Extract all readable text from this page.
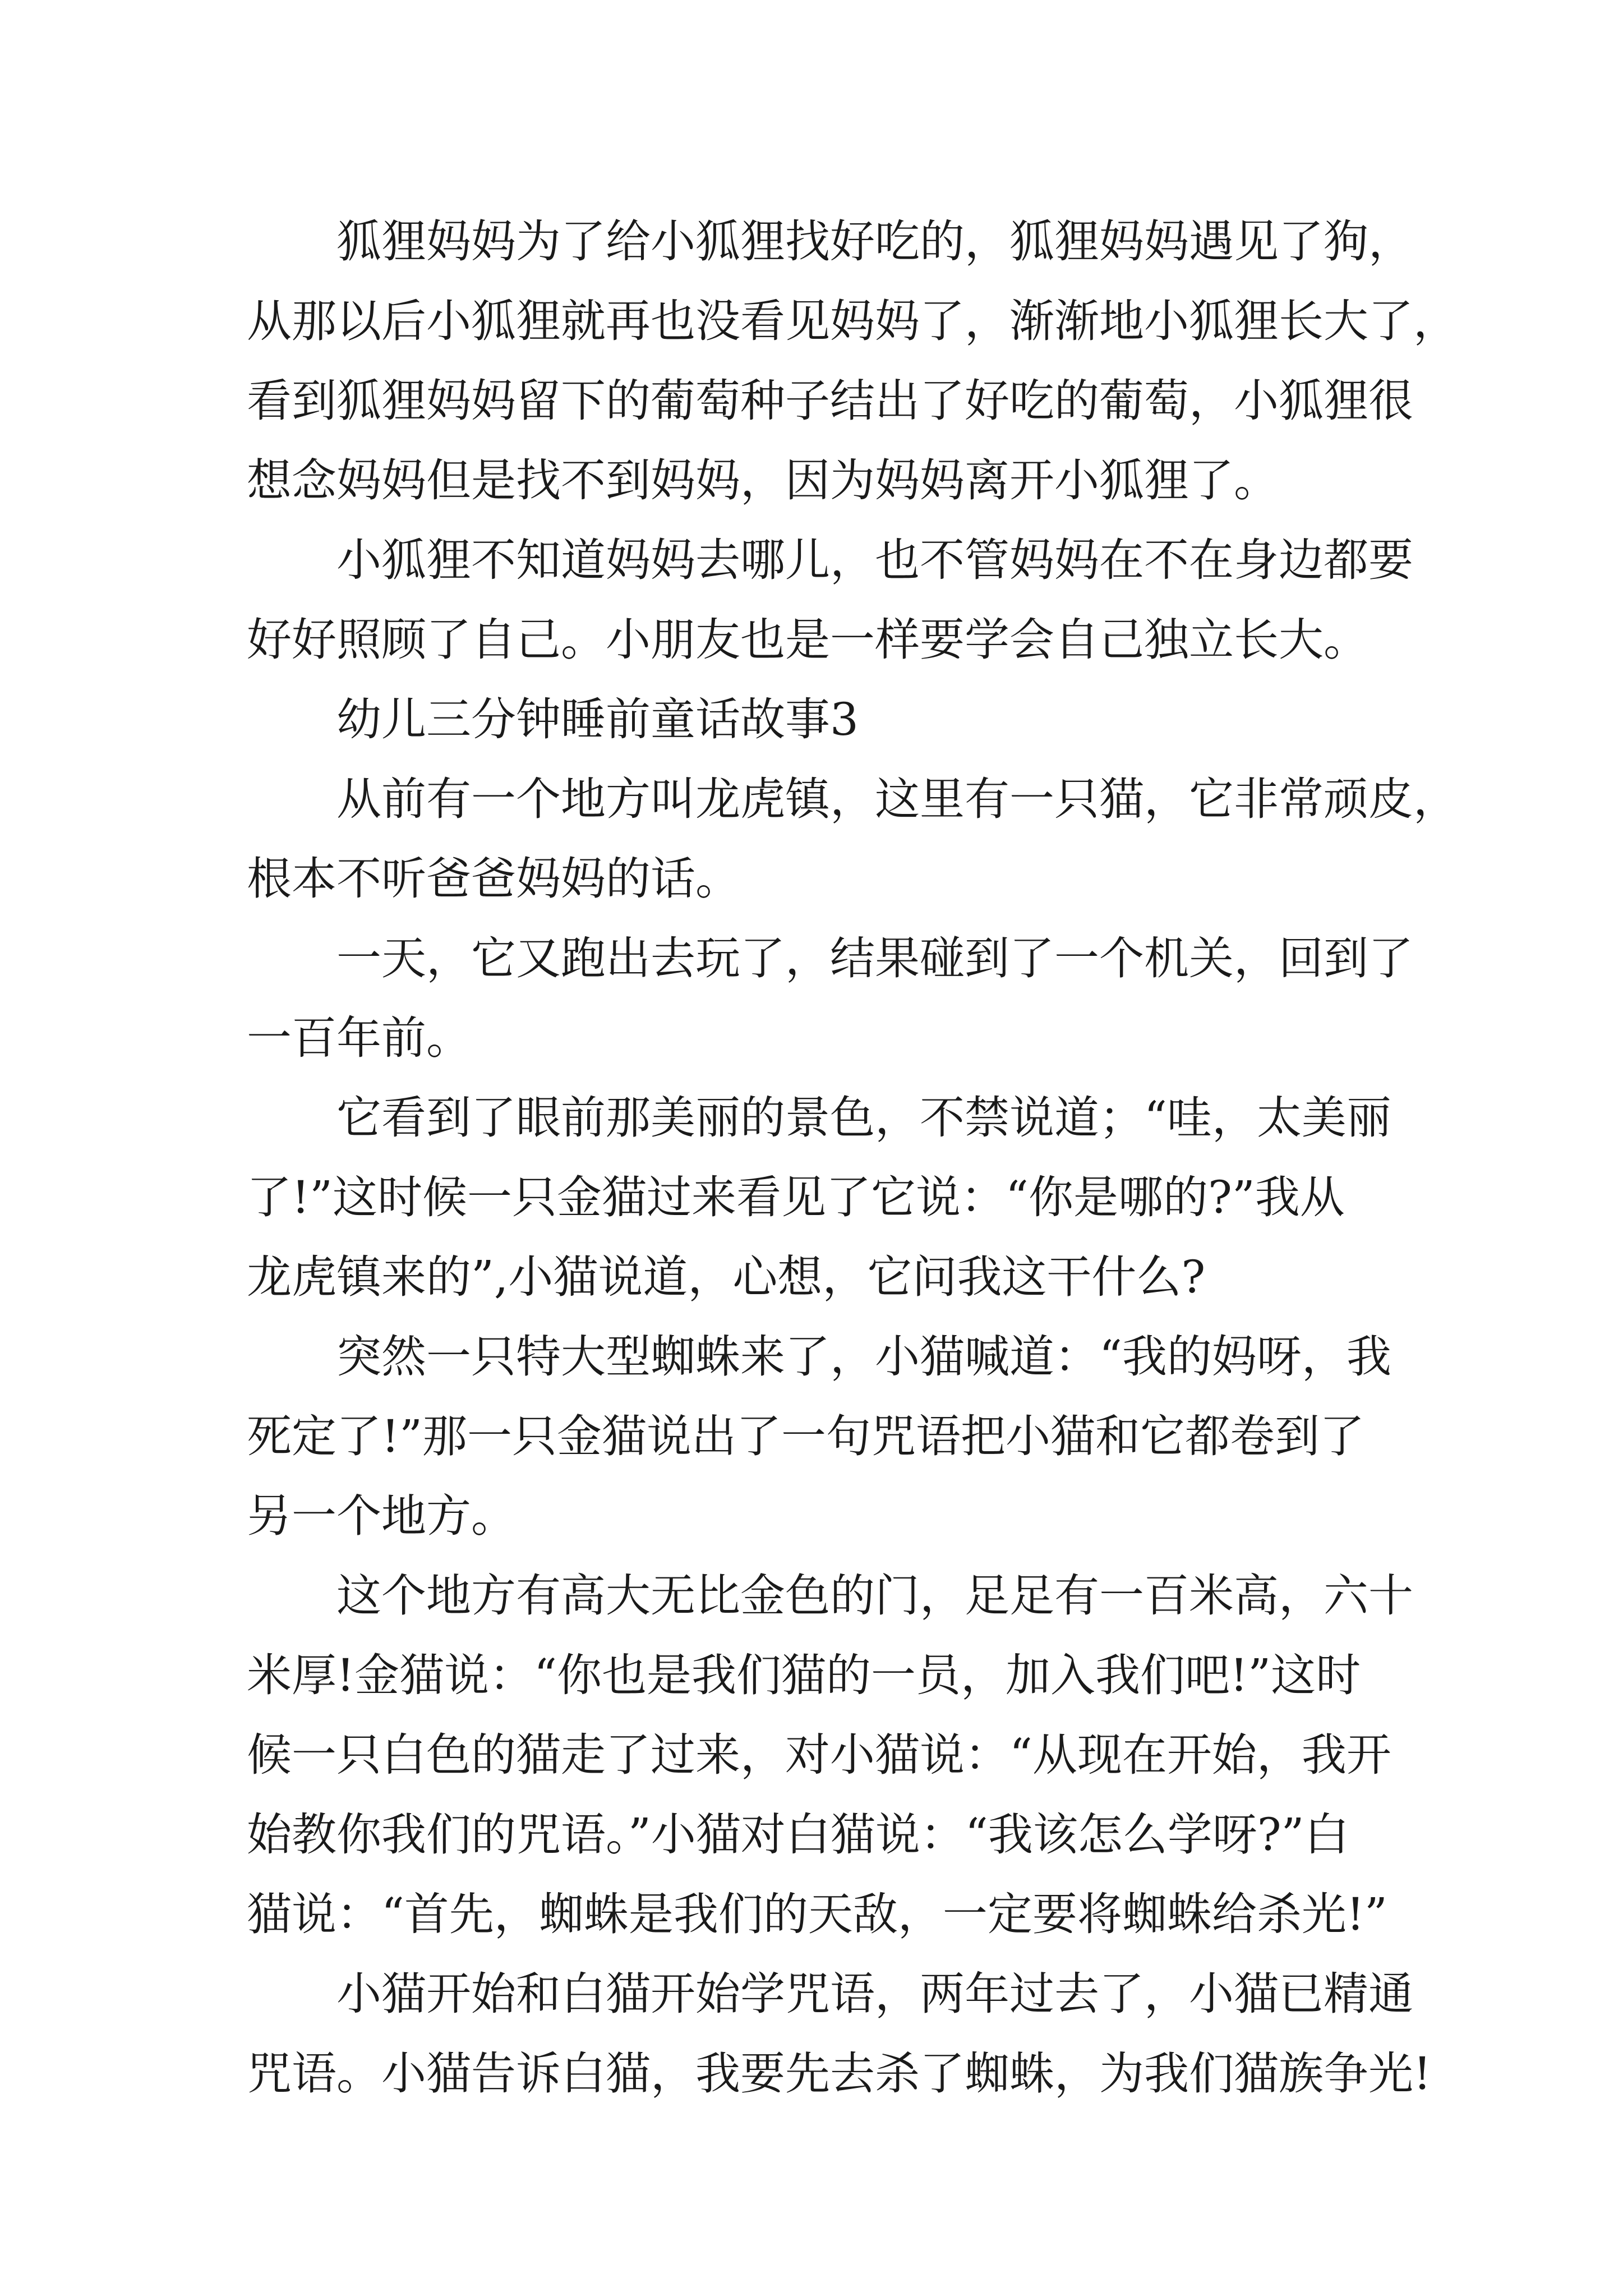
狐狸妈妈为了给小狐狸找好吃的，狐狸妈妈遇见了狗，
从那以后小狐狸就再也没看见妈妈了，渐渐地小狐狸长大了，
看到狐狸妈妈留下的葡萄种子结出了好吃的葡萄，小狐狸很
想念妈妈但是找不到妈妈，因为妈妈离开小狐狸了。
小狐狸不知道妈妈去哪儿，也不管妈妈在不在身边都要
好好照顾了自己。小朋友也是一样要学会自己独立长大。
幼儿三分钟睡前童话故事3
从前有一个地方叫龙虎镇，这里有一只猫，它非常顽皮，
根本不听爸爸妈妈的话。
一天，它又跑出去玩了，结果碰到了一个机关，回到了
一百年前。
它看到了眼前那美丽的景色，不禁说道；“哇，太美丽
了!”这时候一只金猫过来看见了它说：“你是哪的?”我从
龙虎镇来的”,小猫说道，心想，它问我这干什么?
突然一只特大型蜘蛛来了，小猫喊道：“我的妈呀，我
死定了!”那一只金猫说出了一句咒语把小猫和它都卷到了
另一个地方。
这个地方有高大无比金色的门，足足有一百米高，六十
米厚!金猫说：“你也是我们猫的一员，加入我们吧!”这时
候一只白色的猫走了过来，对小猫说：“从现在开始，我开
始教你我们的咒语。”小猫对白猫说：“我该怎么学呀?”白
猫说：“首先，蜘蛛是我们的天敌，一定要将蜘蛛给杀光!”
小猫开始和白猫开始学咒语，两年过去了，小猫已精通
咒语。小猫告诉白猫，我要先去杀了蜘蛛，为我们猫族争光!
